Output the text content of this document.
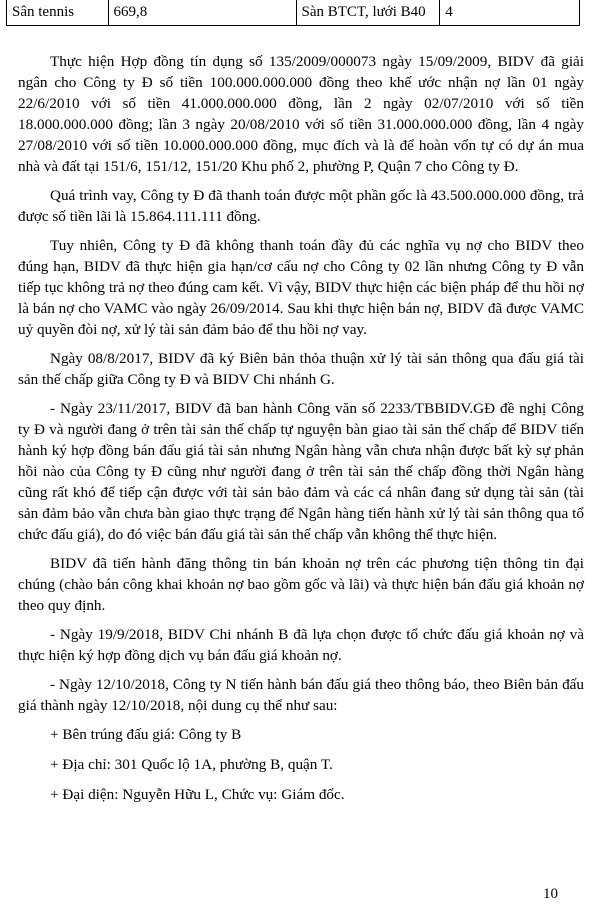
Sân tennis	669,8	Sàn BTCT, lưới B40	4

Thực hiện Hợp đồng tín dụng số 135/2009/000073 ngày 15/09/2009, BIDV đã giải ngân cho Công ty Đ số tiền 100.000.000.000 đồng theo khế ước nhận nợ lần 01 ngày 22/6/2010 với số tiền 41.000.000.000 đồng, lần 2 ngày 02/07/2010 với số tiền 18.000.000.000 đồng; lần 3 ngày 20/08/2010 với số tiền 31.000.000.000 đồng, lần 4 ngày 27/08/2010 với số tiền 10.000.000.000 đồng, mục đích và là để hoàn vốn tự có dự án mua nhà và đất tại 151/6, 151/12, 151/20 Khu phố 2, phường P, Quận 7 cho Công ty Đ.

Quá trình vay, Công ty Đ đã thanh toán được một phần gốc là 43.500.000.000 đồng, trả được số tiền lãi là 15.864.111.111 đồng.

Tuy nhiên, Công ty Đ đã không thanh toán đầy đủ các nghĩa vụ nợ cho BIDV theo đúng hạn, BIDV đã thực hiện gia hạn/cơ cấu nợ cho Công ty 02 lần nhưng Công ty Đ vẫn tiếp tục không trả nợ theo đúng cam kết. Vì vậy, BIDV thực hiện các biện pháp để thu hồi nợ là bán nợ cho VAMC vào ngày 26/09/2014. Sau khi thực hiện bán nợ, BIDV đã được VAMC uỷ quyền đòi nợ, xử lý tài sản đảm bảo để thu hồi nợ vay.

Ngày 08/8/2017, BIDV đã ký Biên bản thỏa thuận xử lý tài sản thông qua đấu giá tài sản thế chấp giữa Công ty Đ và BIDV Chi nhánh G.

- Ngày 23/11/2017, BIDV đã ban hành Công văn số 2233/TBBIDV.GĐ đề nghị Công ty Đ và người đang ở trên tài sản thế chấp tự nguyện bàn giao tài sản thế chấp để BIDV tiến hành ký hợp đồng bán đấu giá tài sản nhưng Ngân hàng vẫn chưa nhận được bất kỳ sự phản hồi nào của Công ty Đ cũng như người đang ở trên tài sản thế chấp đồng thời Ngân hàng cũng rất khó để tiếp cận được với tài sản bảo đảm và các cá nhân đang sử dụng tài sản (tài sản đảm bảo vẫn chưa bàn giao thực trạng để Ngân hàng tiến hành xử lý tài sản thông qua tổ chức đấu giá), do đó việc bán đấu giá tài sản thế chấp vẫn không thể thực hiện.

BIDV đã tiến hành đăng thông tin bán khoản nợ trên các phương tiện thông tin đại chúng (chào bán công khai khoản nợ bao gồm gốc và lãi) và thực hiện bán đấu giá khoản nợ theo quy định.

- Ngày 19/9/2018, BIDV Chi nhánh B đã lựa chọn được tổ chức đấu giá khoản nợ và thực hiện ký hợp đồng dịch vụ bán đấu giá khoản nợ.

- Ngày 12/10/2018, Công ty N tiến hành bán đấu giá theo thông báo, theo Biên bản đấu giá thành ngày 12/10/2018, nội dung cụ thể như sau:

+ Bên trúng đấu giá: Công ty B

+ Địa chỉ: 301 Quốc lộ 1A, phường B, quận T.

+ Đại diện: Nguyễn Hữu L, Chức vụ: Giám đốc.

10
